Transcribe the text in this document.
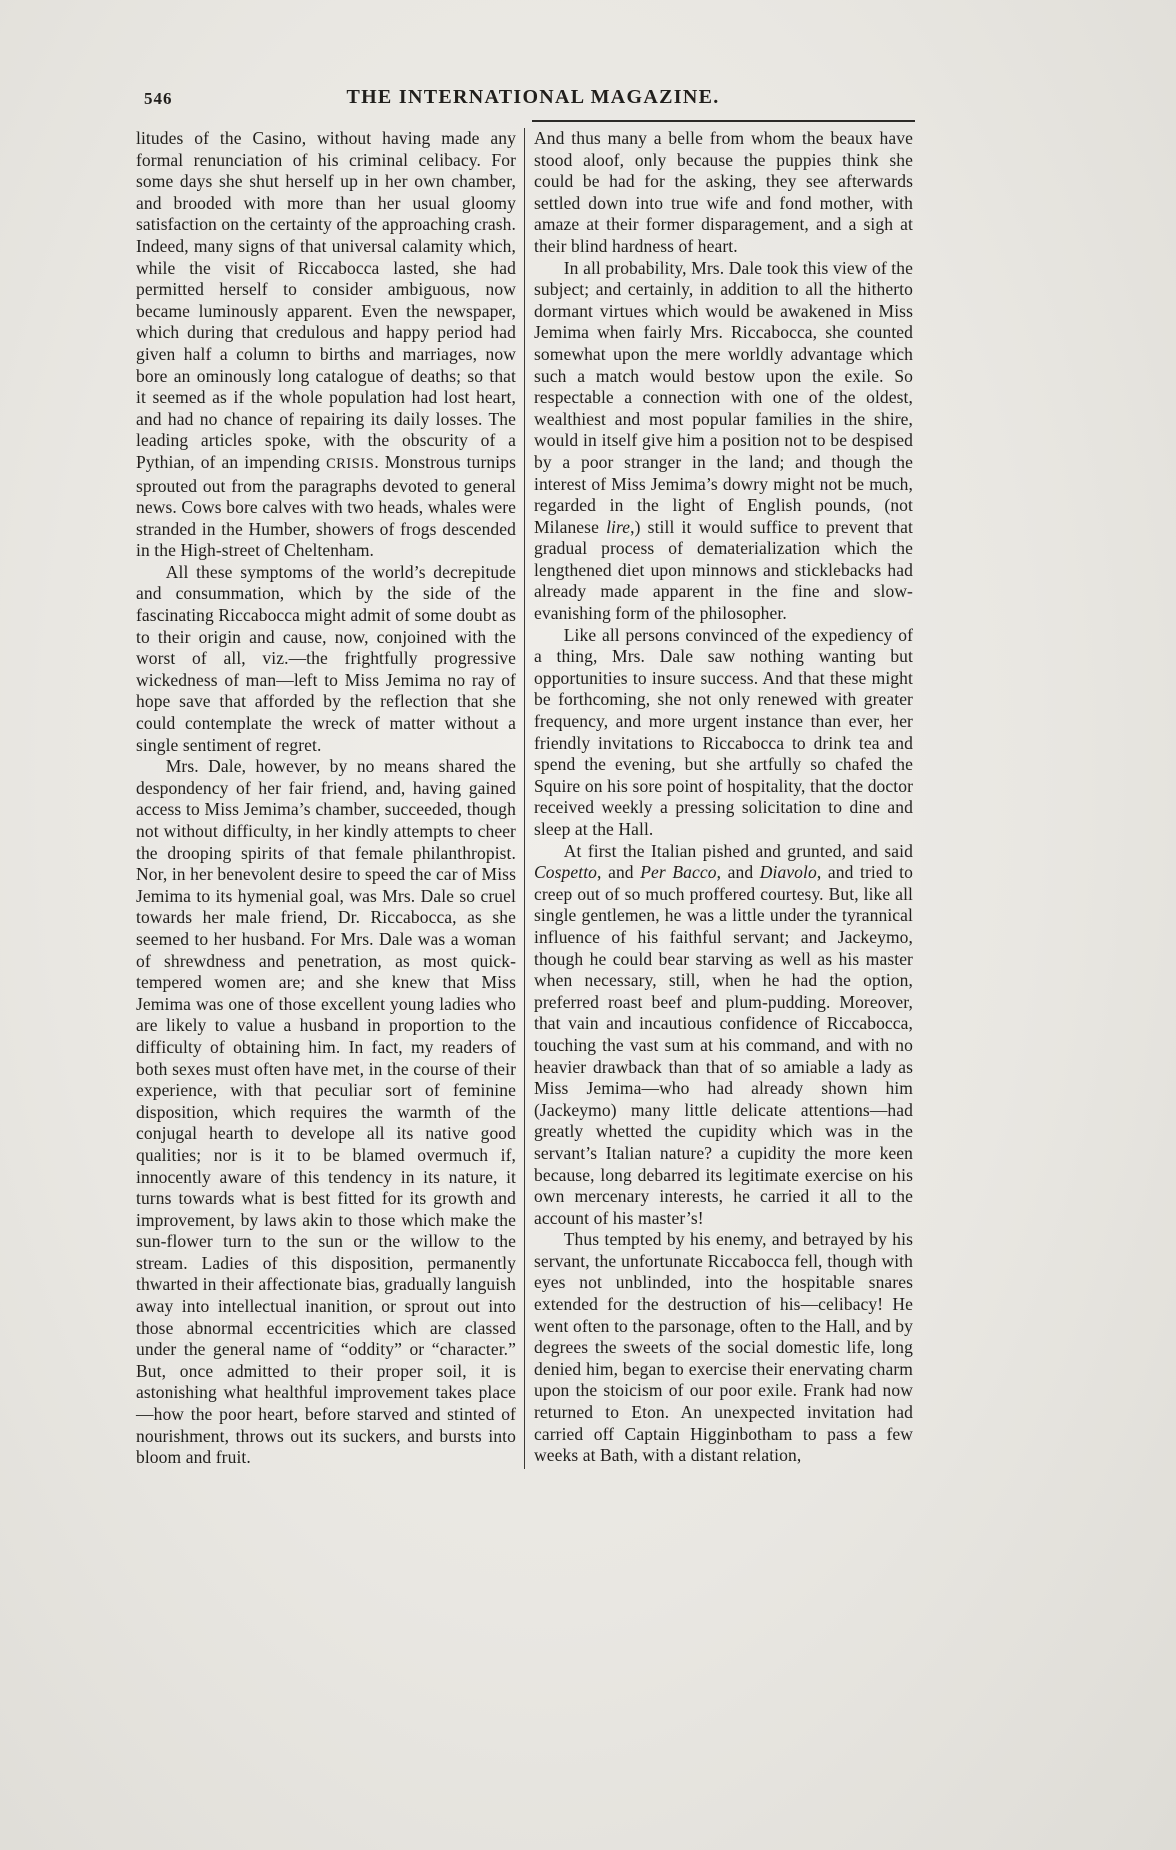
546	THE INTERNATIONAL MAGAZINE.

litudes of the Casino, without having made any formal renunciation of his criminal celibacy. For some days she shut herself up in her own chamber, and brooded with more than her usual gloomy satisfaction on the certainty of the approaching crash. Indeed, many signs of that universal calamity which, while the visit of Riccabocca lasted, she had permitted herself to consider ambiguous, now became luminously apparent. Even the newspaper, which during that credulous and happy period had given half a column to births and marriages, now bore an ominously long catalogue of deaths; so that it seemed as if the whole population had lost heart, and had no chance of repairing its daily losses. The leading articles spoke, with the obscurity of a Pythian, of an impending CRISIS. Monstrous turnips sprouted out from the paragraphs devoted to general news. Cows bore calves with two heads, whales were stranded in the Humber, showers of frogs descended in the High-street of Cheltenham.

All these symptoms of the world’s decrepitude and consummation, which by the side of the fascinating Riccabocca might admit of some doubt as to their origin and cause, now, conjoined with the worst of all, viz.—the frightfully progressive wickedness of man—left to Miss Jemima no ray of hope save that afforded by the reflection that she could contemplate the wreck of matter without a single sentiment of regret.

Mrs. Dale, however, by no means shared the despondency of her fair friend, and, having gained access to Miss Jemima’s chamber, succeeded, though not without difficulty, in her kindly attempts to cheer the drooping spirits of that female philanthropist. Nor, in her benevolent desire to speed the car of Miss Jemima to its hymenial goal, was Mrs. Dale so cruel towards her male friend, Dr. Riccabocca, as she seemed to her husband. For Mrs. Dale was a woman of shrewdness and penetration, as most quick-tempered women are; and she knew that Miss Jemima was one of those excellent young ladies who are likely to value a husband in proportion to the difficulty of obtaining him. In fact, my readers of both sexes must often have met, in the course of their experience, with that peculiar sort of feminine disposition, which requires the warmth of the conjugal hearth to develope all its native good qualities; nor is it to be blamed overmuch if, innocently aware of this tendency in its nature, it turns towards what is best fitted for its growth and improvement, by laws akin to those which make the sun-flower turn to the sun or the willow to the stream. Ladies of this disposition, permanently thwarted in their affectionate bias, gradually languish away into intellectual inanition, or sprout out into those abnormal eccentricities which are classed under the general name of “oddity” or “character.” But, once admitted to their proper soil, it is astonishing what healthful improvement takes place—how the poor heart, before starved and stinted of nourishment, throws out its suckers, and bursts into bloom and fruit.

And thus many a belle from whom the beaux have stood aloof, only because the puppies think she could be had for the asking, they see afterwards settled down into true wife and fond mother, with amaze at their former disparagement, and a sigh at their blind hardness of heart.

In all probability, Mrs. Dale took this view of the subject; and certainly, in addition to all the hitherto dormant virtues which would be awakened in Miss Jemima when fairly Mrs. Riccabocca, she counted somewhat upon the mere worldly advantage which such a match would bestow upon the exile. So respectable a connection with one of the oldest, wealthiest and most popular families in the shire, would in itself give him a position not to be despised by a poor stranger in the land; and though the interest of Miss Jemima’s dowry might not be much, regarded in the light of English pounds, (not Milanese lire,) still it would suffice to prevent that gradual process of dematerialization which the lengthened diet upon minnows and sticklebacks had already made apparent in the fine and slow-evanishing form of the philosopher.

Like all persons convinced of the expediency of a thing, Mrs. Dale saw nothing wanting but opportunities to insure success. And that these might be forthcoming, she not only renewed with greater frequency, and more urgent instance than ever, her friendly invitations to Riccabocca to drink tea and spend the evening, but she artfully so chafed the Squire on his sore point of hospitality, that the doctor received weekly a pressing solicitation to dine and sleep at the Hall.

At first the Italian pished and grunted, and said Cospetto, and Per Bacco, and Diavolo, and tried to creep out of so much proffered courtesy. But, like all single gentlemen, he was a little under the tyrannical influence of his faithful servant; and Jackeymo, though he could bear starving as well as his master when necessary, still, when he had the option, preferred roast beef and plum-pudding. Moreover, that vain and incautious confidence of Riccabocca, touching the vast sum at his command, and with no heavier drawback than that of so amiable a lady as Miss Jemima—who had already shown him (Jackeymo) many little delicate attentions—had greatly whetted the cupidity which was in the servant’s Italian nature? a cupidity the more keen because, long debarred its legitimate exercise on his own mercenary interests, he carried it all to the account of his master’s!

Thus tempted by his enemy, and betrayed by his servant, the unfortunate Riccabocca fell, though with eyes not unblinded, into the hospitable snares extended for the destruction of his—celibacy! He went often to the parsonage, often to the Hall, and by degrees the sweets of the social domestic life, long denied him, began to exercise their enervating charm upon the stoicism of our poor exile. Frank had now returned to Eton. An unexpected invitation had carried off Captain Higginbotham to pass a few weeks at Bath, with a distant relation,
